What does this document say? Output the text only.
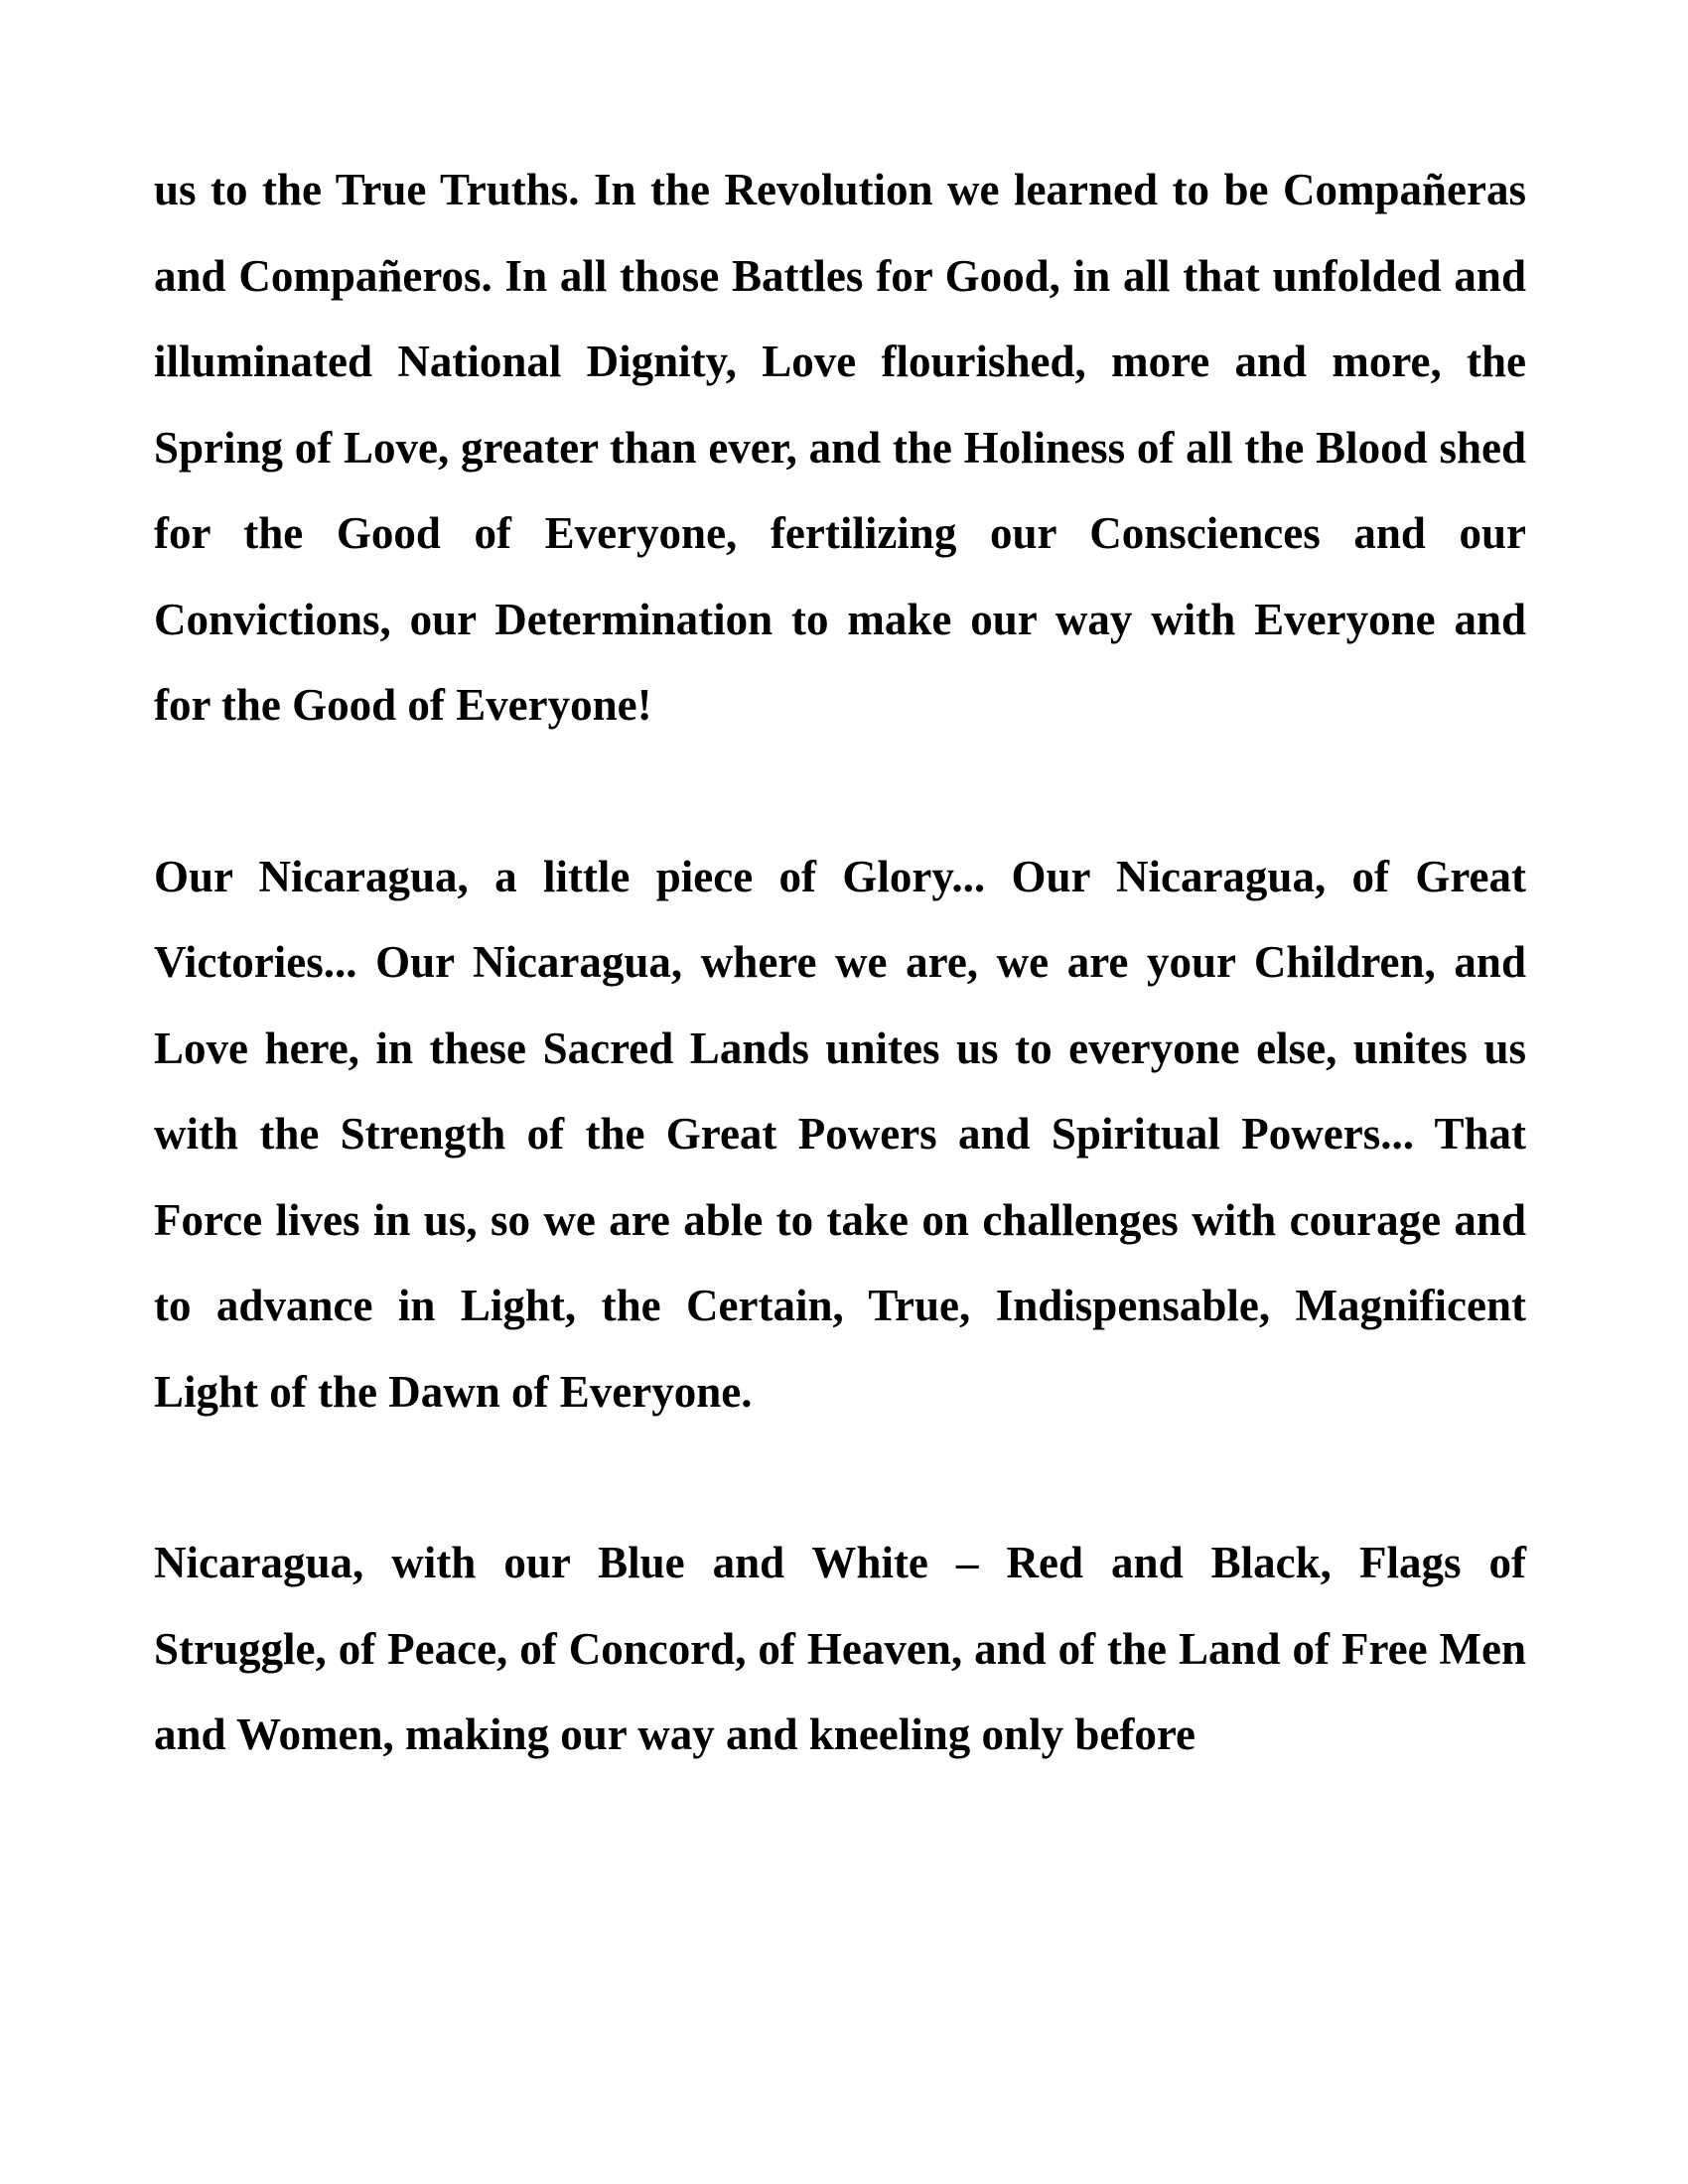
us to the True Truths. In the Revolution we learned to be Compañeras and Compañeros. In all those Battles for Good, in all that unfolded and illuminated National Dignity, Love flourished, more and more, the Spring of Love, greater than ever, and the Holiness of all the Blood shed for the Good of Everyone, fertilizing our Consciences and our Convictions, our Determination to make our way with Everyone and for the Good of Everyone!

Our Nicaragua, a little piece of Glory... Our Nicaragua, of Great Victories... Our Nicaragua, where we are, we are your Children, and Love here, in these Sacred Lands unites us to everyone else, unites us with the Strength of the Great Powers and Spiritual Powers... That Force lives in us, so we are able to take on challenges with courage and to advance in Light, the Certain, True, Indispensable, Magnificent Light of the Dawn of Everyone.

Nicaragua, with our Blue and White – Red and Black, Flags of Struggle, of Peace, of Concord, of Heaven, and of the Land of Free Men and Women, making our way and kneeling only before
